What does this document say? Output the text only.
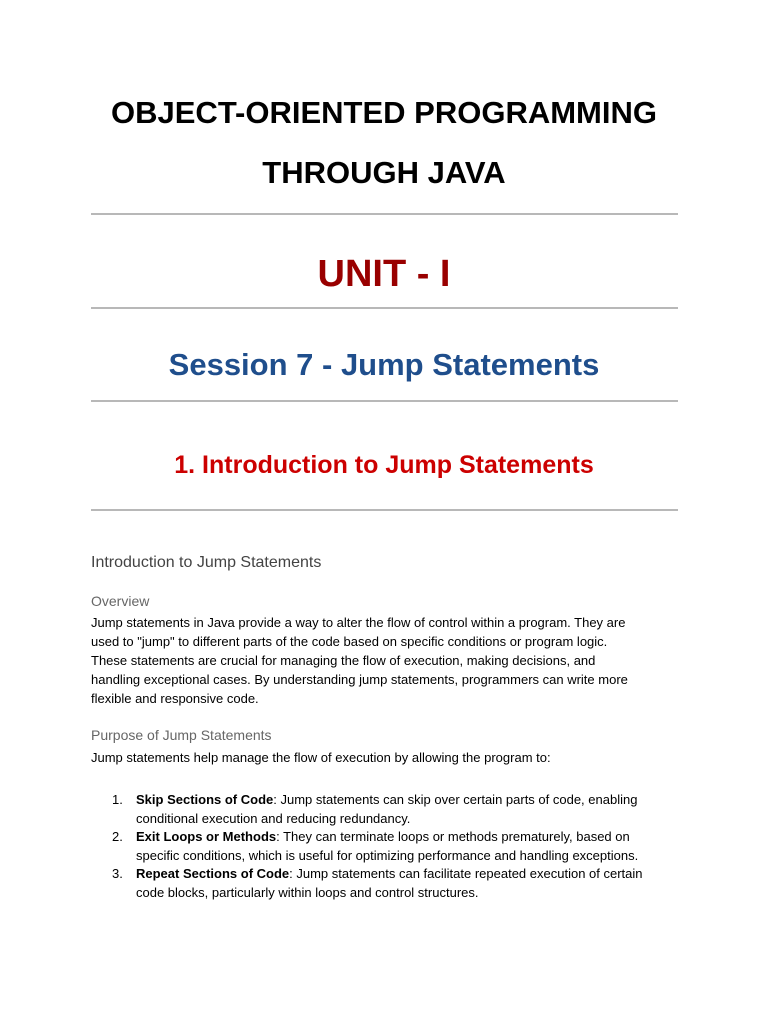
OBJECT-ORIENTED PROGRAMMING
THROUGH JAVA
UNIT - I
Session 7 - Jump Statements
1. Introduction to Jump Statements
Introduction to Jump Statements
Overview
Jump statements in Java provide a way to alter the flow of control within a program. They are
used to "jump" to different parts of the code based on specific conditions or program logic.
These statements are crucial for managing the flow of execution, making decisions, and
handling exceptional cases. By understanding jump statements, programmers can write more
flexible and responsive code.
Purpose of Jump Statements
Jump statements help manage the flow of execution by allowing the program to:
1. Skip Sections of Code: Jump statements can skip over certain parts of code, enabling
conditional execution and reducing redundancy.
2. Exit Loops or Methods: They can terminate loops or methods prematurely, based on
specific conditions, which is useful for optimizing performance and handling exceptions.
3. Repeat Sections of Code: Jump statements can facilitate repeated execution of certain
code blocks, particularly within loops and control structures.
